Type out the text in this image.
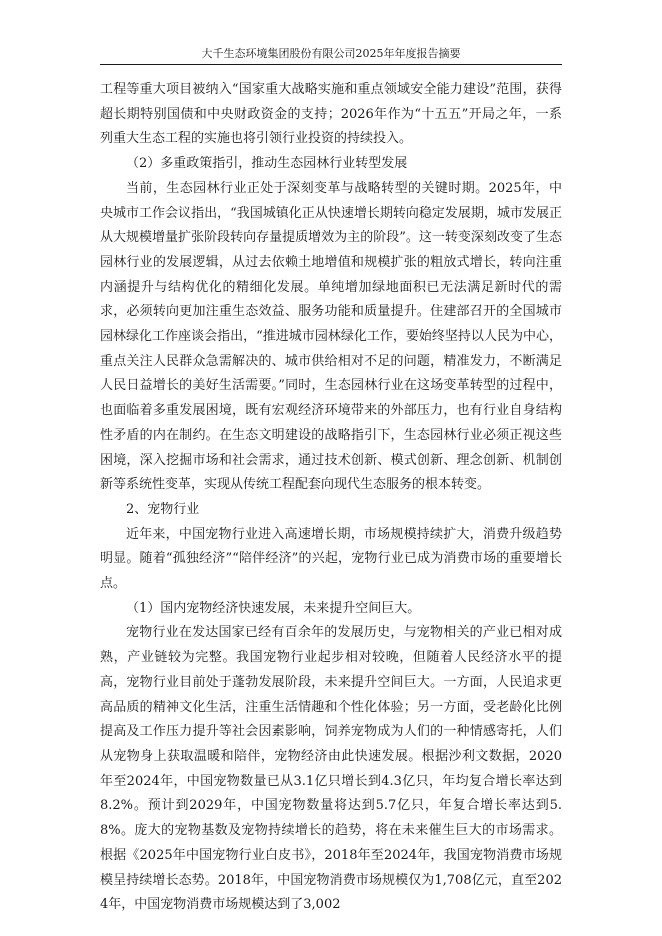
大千生态环境集团股份有限公司2025年年度报告摘要

工程等重大项目被纳入“国家重大战略实施和重点领域安全能力建设”范围，获得超长期特别国债和中央财政资金的支持；2026年作为“十五五”开局之年，一系列重大生态工程的实施也将引领行业投资的持续投入。

（2）多重政策指引，推动生态园林行业转型发展

当前，生态园林行业正处于深刻变革与战略转型的关键时期。2025年，中央城市工作会议指出，“我国城镇化正从快速增长期转向稳定发展期，城市发展正从大规模增量扩张阶段转向存量提质增效为主的阶段”。这一转变深刻改变了生态园林行业的发展逻辑，从过去依赖土地增值和规模扩张的粗放式增长，转向注重内涵提升与结构优化的精细化发展。单纯增加绿地面积已无法满足新时代的需求，必须转向更加注重生态效益、服务功能和质量提升。住建部召开的全国城市园林绿化工作座谈会指出，“推进城市园林绿化工作，要始终坚持以人民为中心，重点关注人民群众急需解决的、城市供给相对不足的问题，精准发力，不断满足人民日益增长的美好生活需要。”同时，生态园林行业在这场变革转型的过程中，也面临着多重发展困境，既有宏观经济环境带来的外部压力，也有行业自身结构性矛盾的内在制约。在生态文明建设的战略指引下，生态园林行业必须正视这些困境，深入挖掘市场和社会需求，通过技术创新、模式创新、理念创新、机制创新等系统性变革，实现从传统工程配套向现代生态服务的根本转变。

2、宠物行业

近年来，中国宠物行业进入高速增长期，市场规模持续扩大，消费升级趋势明显。随着“孤独经济”“陪伴经济”的兴起，宠物行业已成为消费市场的重要增长点。

（1）国内宠物经济快速发展，未来提升空间巨大。

宠物行业在发达国家已经有百余年的发展历史，与宠物相关的产业已相对成熟，产业链较为完整。我国宠物行业起步相对较晚，但随着人民经济水平的提高，宠物行业目前处于蓬勃发展阶段，未来提升空间巨大。一方面，人民追求更高品质的精神文化生活，注重生活情趣和个性化体验；另一方面，受老龄化比例提高及工作压力提升等社会因素影响，饲养宠物成为人们的一种情感寄托，人们从宠物身上获取温暖和陪伴，宠物经济由此快速发展。根据沙利文数据，2020年至2024年，中国宠物数量已从3.1亿只增长到4.3亿只，年均复合增长率达到8.2%。预计到2029年，中国宠物数量将达到5.7亿只，年复合增长率达到5.8%。庞大的宠物基数及宠物持续增长的趋势，将在未来催生巨大的市场需求。根据《2025年中国宠物行业白皮书》，2018年至2024年，我国宠物消费市场规模呈持续增长态势。2018年，中国宠物消费市场规模仅为1,708亿元，直至2024年，中国宠物消费市场规模达到了3,002
